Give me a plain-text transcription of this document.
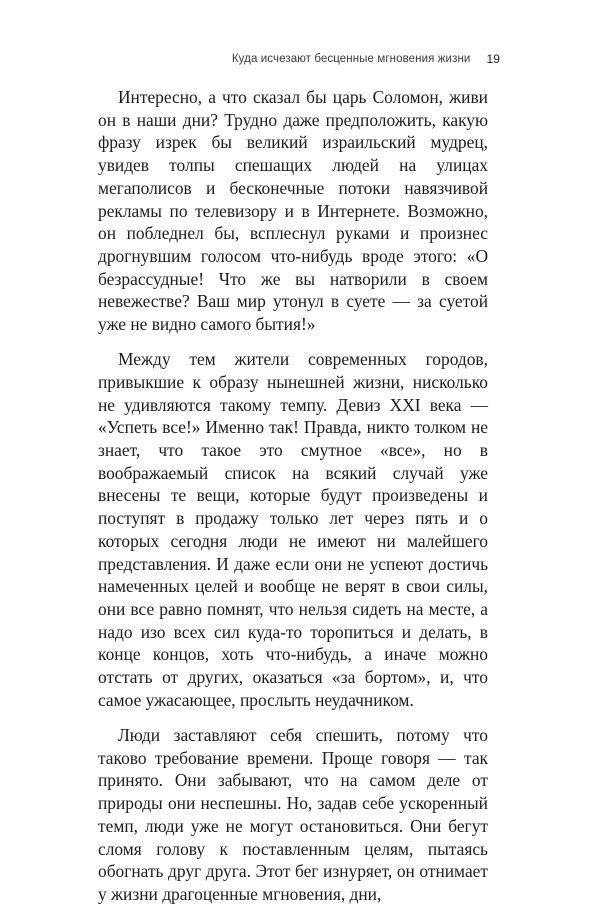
Куда исчезают бесценные мгновения жизни 19

Интересно, а что сказал бы царь Соломон, живи он в наши дни? Трудно даже предположить, какую фразу изрек бы великий израильский мудрец, увидев толпы спешащих людей на улицах мегаполисов и бесконечные потоки навязчивой рекламы по телевизору и в Интернете. Возможно, он побледнел бы, всплеснул руками и произнес дрогнувшим голосом что-нибудь вроде этого: «О безрассудные! Что же вы натворили в своем невежестве? Ваш мир утонул в суете — за суетой уже не видно самого бытия!»

Между тем жители современных городов, привыкшие к образу нынешней жизни, нисколько не удивляются такому темпу. Девиз XXI века — «Успеть все!» Именно так! Правда, никто толком не знает, что такое это смутное «все», но в воображаемый список на всякий случай уже внесены те вещи, которые будут произведены и поступят в продажу только лет через пять и о которых сегодня люди не имеют ни малейшего представления. И даже если они не успеют достичь намеченных целей и вообще не верят в свои силы, они все равно помнят, что нельзя сидеть на месте, а надо изо всех сил куда-то торопиться и делать, в конце концов, хоть что-нибудь, а иначе можно отстать от других, оказаться «за бортом», и, что самое ужасающее, прослыть неудачником.

Люди заставляют себя спешить, потому что таково требование времени. Проще говоря — так принято. Они забывают, что на самом деле от природы они неспешны. Но, задав себе ускоренный темп, люди уже не могут остановиться. Они бегут сломя голову к поставленным целям, пытаясь обогнать друг друга. Этот бег изнуряет, он отнимает у жизни драгоценные мгновения, дни,
